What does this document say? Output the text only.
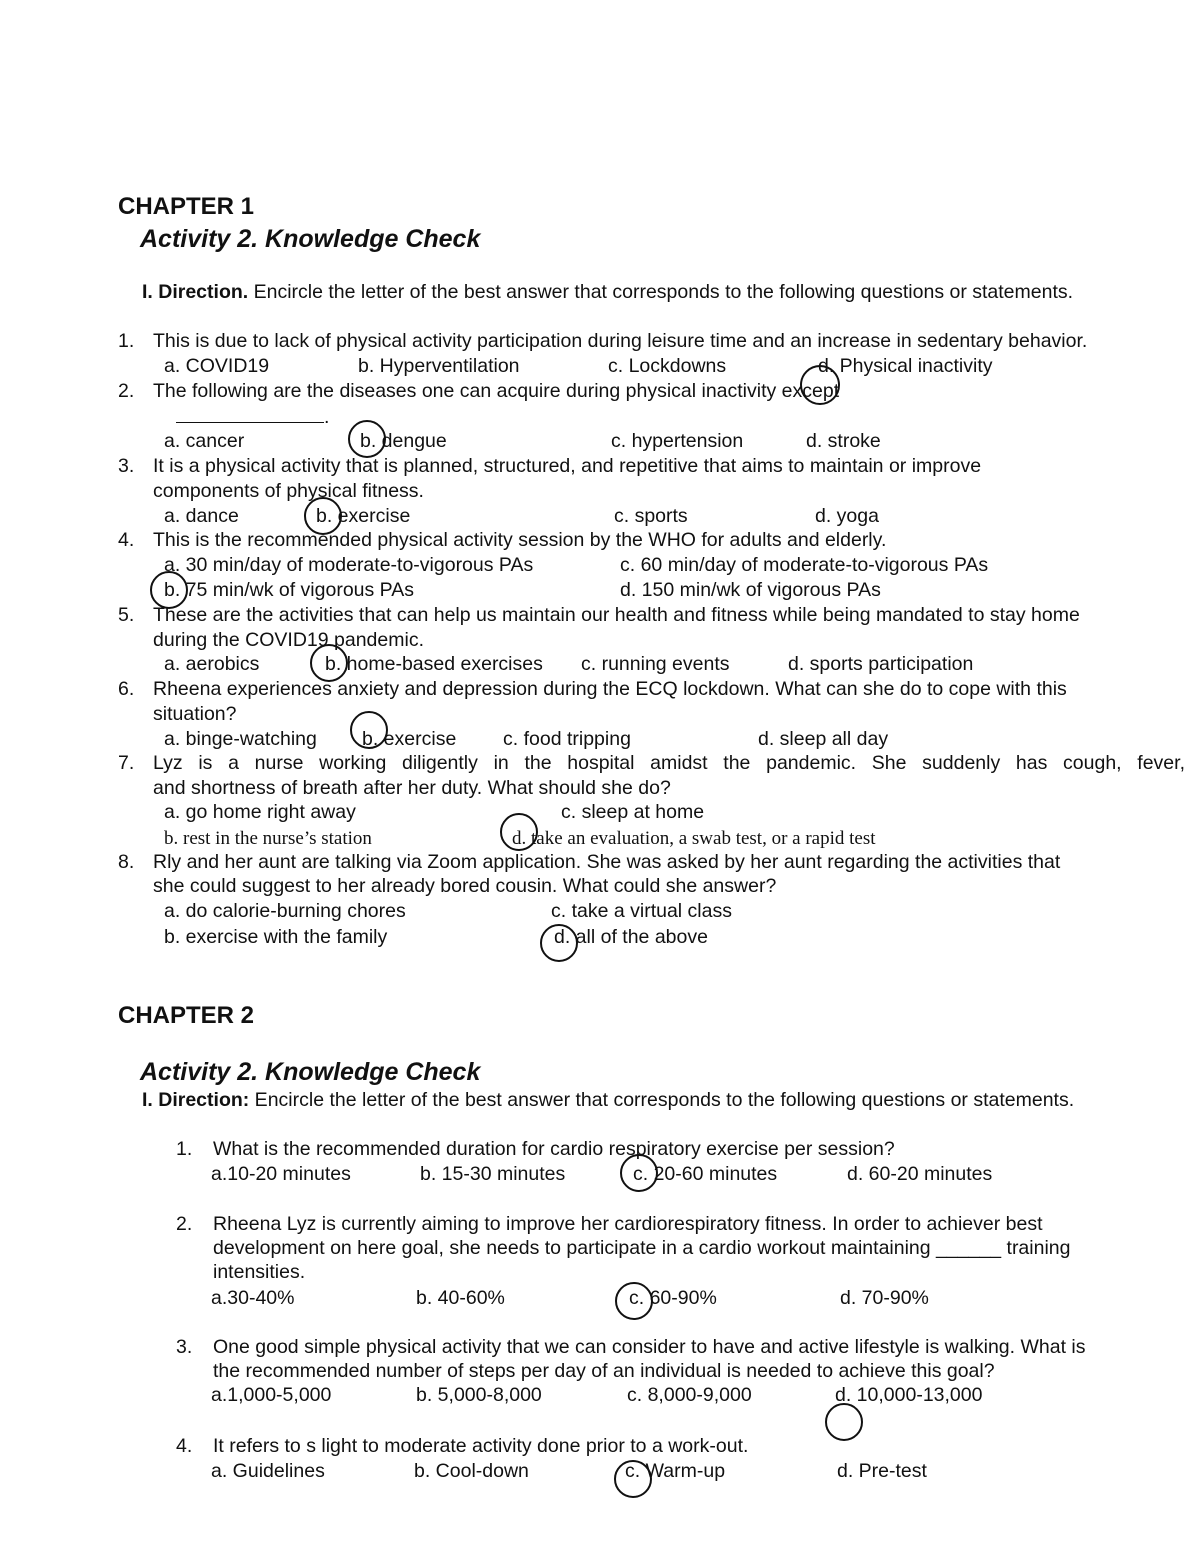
CHAPTER 1
Activity 2. Knowledge Check
I. Direction. Encircle the letter of the best answer that corresponds to the following questions or statements.
1. This is due to lack of physical activity participation during leisure time and an increase in sedentary behavior.
a. COVID19	b. Hyperventilation	c. Lockdowns	d. Physical inactivity
2. The following are the diseases one can acquire during physical inactivity except
.
a. cancer	b. dengue	c. hypertension	d. stroke
3. It is a physical activity that is planned, structured, and repetitive that aims to maintain or improve
components of physical fitness.
a. dance	b. exercise	c. sports	d. yoga
4. This is the recommended physical activity session by the WHO for adults and elderly.
a. 30 min/day of moderate-to-vigorous PAs	c. 60 min/day of moderate-to-vigorous PAs
b. 75 min/wk of vigorous PAs	d. 150 min/wk of vigorous PAs
5. These are the activities that can help us maintain our health and fitness while being mandated to stay home
during the COVID19 pandemic.
a. aerobics	b. home-based exercises c. running events	d. sports participation
6. Rheena experiences anxiety and depression during the ECQ lockdown. What can she do to cope with this
situation?
a. binge-watching b. exercise c. food tripping	d. sleep all day
7. Lyz is a nurse working diligently in the hospital amidst the pandemic. She suddenly has cough, fever,
and shortness of breath after her duty. What should she do?
a. go home right away	c. sleep at home
b. rest in the nurse’s station	d. take an evaluation, a swab test, or a rapid test
8. Rly and her aunt are talking via Zoom application. She was asked by her aunt regarding the activities that
she could suggest to her already bored cousin. What could she answer?
a. do calorie-burning chores	c. take a virtual class
b. exercise with the family	d. all of the above
CHAPTER 2
Activity 2. Knowledge Check
I. Direction: Encircle the letter of the best answer that corresponds to the following questions or statements.
1. What is the recommended duration for cardio respiratory exercise per session?
a.10-20 minutes	b. 15-30 minutes	c. 20-60 minutes	d. 60-20 minutes
2. Rheena Lyz is currently aiming to improve her cardiorespiratory fitness. In order to achiever best
development on here goal, she needs to participate in a cardio workout maintaining ______ training
intensities.
a.30-40%	b. 40-60%	c. 60-90%	d. 70-90%
3. One good simple physical activity that we can consider to have and active lifestyle is walking. What is
the recommended number of steps per day of an individual is needed to achieve this goal?
a.1,000-5,000	b. 5,000-8,000	c. 8,000-9,000	d. 10,000-13,000
4. It refers to s light to moderate activity done prior to a work-out.
a. Guidelines	b. Cool-down	c. Warm-up	d. Pre-test
